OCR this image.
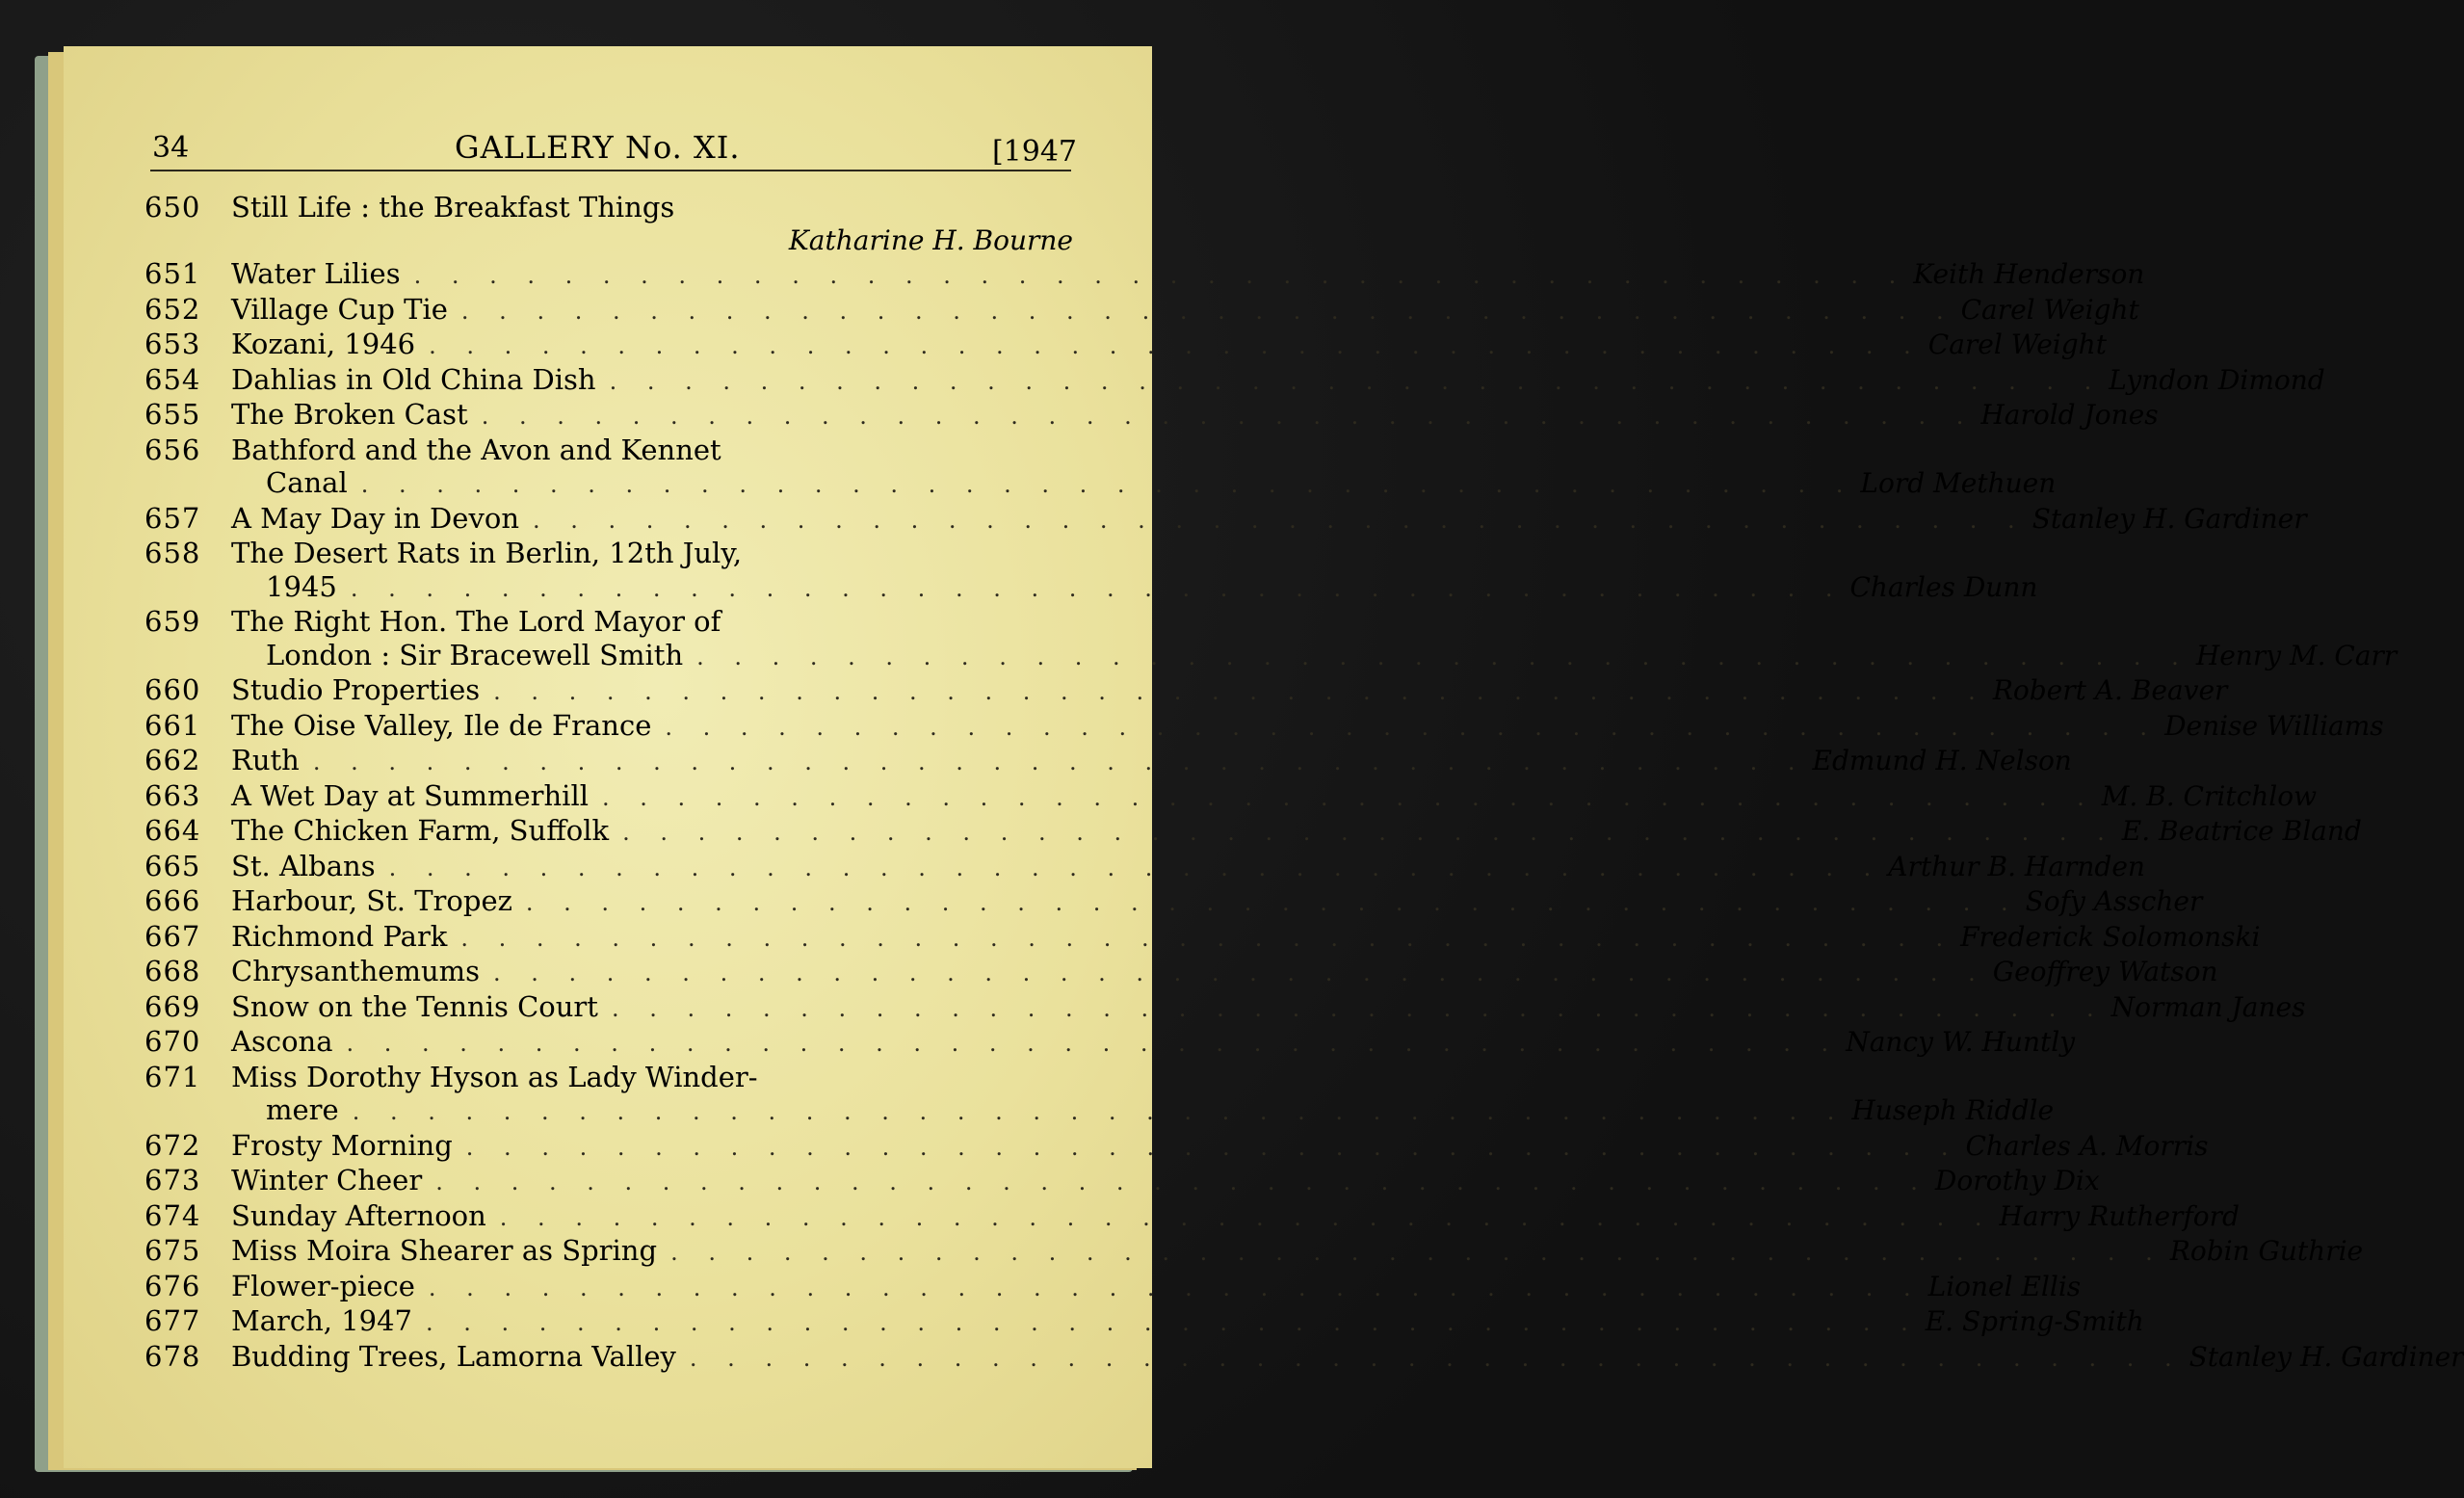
34	GALLERY No. XI.	[1947
650	Still Life : the Breakfast Things
Katharine H. Bourne
651	Water Lilies . . . . . . . . . . . . . . . . . . . . . . . . . . . . . . . . . . . . . . . . Keith Henderson
652	Village Cup Tie . . . . . . . . . . . . . . . . . . . . . . . . . . . . . . . . . . . . . . . . Carel Weight
653	Kozani, 1946 . . . . . . . . . . . . . . . . . . . . . . . . . . . . . . . . . . . . . . . . Carel Weight
654	Dahlias in Old China Dish . . . . . . . . . . . . . . . . . . . . . . . . . . . . . . . . . . . . . . . . Lyndon Dimond
655	The Broken Cast . . . . . . . . . . . . . . . . . . . . . . . . . . . . . . . . . . . . . . . . Harold Jones
656	Bathford and the Avon and Kennet
Canal . . . . . . . . . . . . . . . . . . . . . . . . . . . . . . . . . . . . . . . . Lord Methuen
657	A May Day in Devon . . . . . . . . . . . . . . . . . . . . . . . . . . . . . . . . . . . . . . . . Stanley H. Gardiner
658	The Desert Rats in Berlin, 12th July,
1945 . . . . . . . . . . . . . . . . . . . . . . . . . . . . . . . . . . . . . . . . Charles Dunn
659	The Right Hon. The Lord Mayor of
London : Sir Bracewell Smith . . . . . . . . . . . . . . . . . . . . . . . . . . . . . . . . . . . . . . . . Henry M. Carr
660	Studio Properties . . . . . . . . . . . . . . . . . . . . . . . . . . . . . . . . . . . . . . . . Robert A. Beaver
661	The Oise Valley, Ile de France . . . . . . . . . . . . . . . . . . . . . . . . . . . . . . . . . . . . . . . . Denise Williams
662	Ruth . . . . . . . . . . . . . . . . . . . . . . . . . . . . . . . . . . . . . . . . Edmund H. Nelson
663	A Wet Day at Summerhill . . . . . . . . . . . . . . . . . . . . . . . . . . . . . . . . . . . . . . . . M. B. Critchlow
664	The Chicken Farm, Suffolk . . . . . . . . . . . . . . . . . . . . . . . . . . . . . . . . . . . . . . . . E. Beatrice Bland
665	St. Albans . . . . . . . . . . . . . . . . . . . . . . . . . . . . . . . . . . . . . . . . Arthur B. Harnden
666	Harbour, St. Tropez . . . . . . . . . . . . . . . . . . . . . . . . . . . . . . . . . . . . . . . . Sofy Asscher
667	Richmond Park . . . . . . . . . . . . . . . . . . . . . . . . . . . . . . . . . . . . . . . . Frederick Solomonski
668	Chrysanthemums . . . . . . . . . . . . . . . . . . . . . . . . . . . . . . . . . . . . . . . . Geoffrey Watson
669	Snow on the Tennis Court . . . . . . . . . . . . . . . . . . . . . . . . . . . . . . . . . . . . . . . . Norman Janes
670	Ascona . . . . . . . . . . . . . . . . . . . . . . . . . . . . . . . . . . . . . . . . Nancy W. Huntly
671	Miss Dorothy Hyson as Lady Winder-
mere . . . . . . . . . . . . . . . . . . . . . . . . . . . . . . . . . . . . . . . . Huseph Riddle
672	Frosty Morning . . . . . . . . . . . . . . . . . . . . . . . . . . . . . . . . . . . . . . . . Charles A. Morris
673	Winter Cheer . . . . . . . . . . . . . . . . . . . . . . . . . . . . . . . . . . . . . . . . Dorothy Dix
674	Sunday Afternoon . . . . . . . . . . . . . . . . . . . . . . . . . . . . . . . . . . . . . . . . Harry Rutherford
675	Miss Moira Shearer as Spring . . . . . . . . . . . . . . . . . . . . . . . . . . . . . . . . . . . . . . . . Robin Guthrie
676	Flower-piece . . . . . . . . . . . . . . . . . . . . . . . . . . . . . . . . . . . . . . . . Lionel Ellis
677	March, 1947 . . . . . . . . . . . . . . . . . . . . . . . . . . . . . . . . . . . . . . . . E. Spring-Smith
678	Budding Trees, Lamorna Valley . . . . . . . . . . . . . . . . . . . . . . . . . . . . . . . . . . . . . . . . Stanley H. Gardiner
